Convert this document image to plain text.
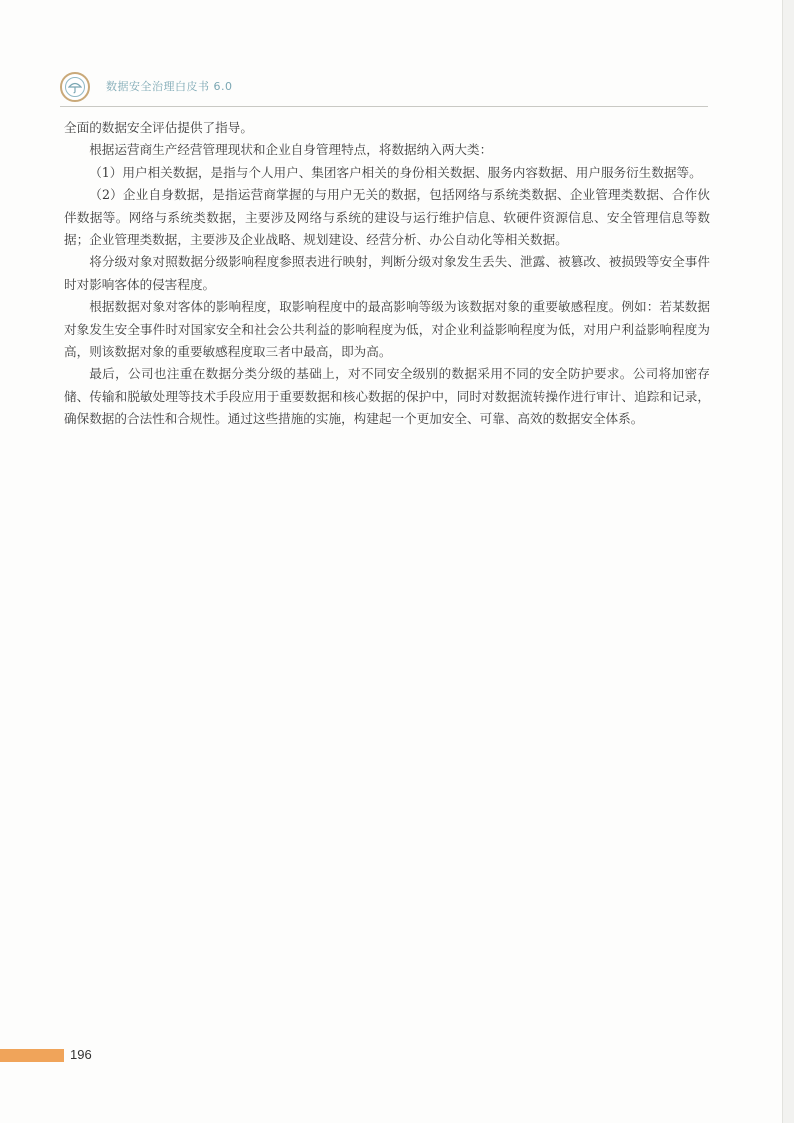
数据安全治理白皮书 6.0

全面的数据安全评估提供了指导。

根据运营商生产经营管理现状和企业自身管理特点，将数据纳入两大类：

（1）用户相关数据，是指与个人用户、集团客户相关的身份相关数据、服务内容数据、用户服务衍生数据等。

（2）企业自身数据，是指运营商掌握的与用户无关的数据，包括网络与系统类数据、企业管理类数据、合作伙伴数据等。网络与系统类数据，主要涉及网络与系统的建设与运行维护信息、软硬件资源信息、安全管理信息等数据；企业管理类数据，主要涉及企业战略、规划建设、经营分析、办公自动化等相关数据。

将分级对象对照数据分级影响程度参照表进行映射，判断分级对象发生丢失、泄露、被篡改、被损毁等安全事件时对影响客体的侵害程度。

根据数据对象对客体的影响程度，取影响程度中的最高影响等级为该数据对象的重要敏感程度。例如：若某数据对象发生安全事件时对国家安全和社会公共利益的影响程度为低，对企业利益影响程度为低，对用户利益影响程度为高，则该数据对象的重要敏感程度取三者中最高，即为高。

最后，公司也注重在数据分类分级的基础上，对不同安全级别的数据采用不同的安全防护要求。公司将加密存储、传输和脱敏处理等技术手段应用于重要数据和核心数据的保护中，同时对数据流转操作进行审计、追踪和记录，确保数据的合法性和合规性。通过这些措施的实施，构建起一个更加安全、可靠、高效的数据安全体系。

196
